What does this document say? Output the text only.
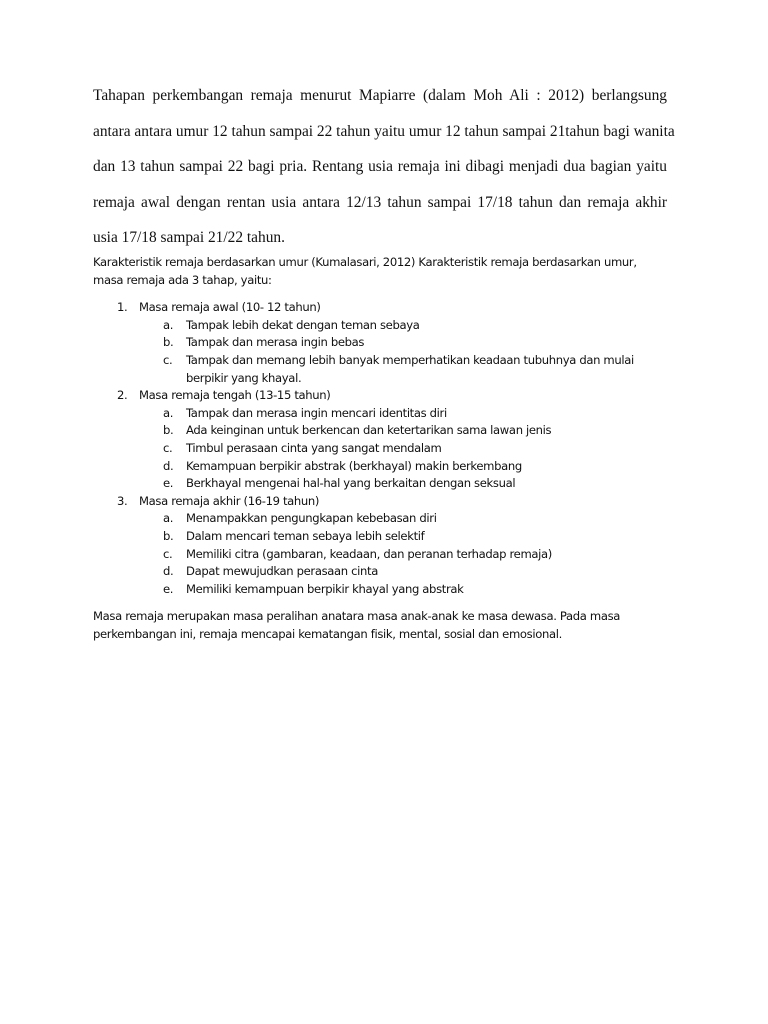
Tahapan perkembangan remaja menurut Mapiarre (dalam Moh Ali : 2012) berlangsung
antara antara umur 12 tahun sampai 22 tahun yaitu umur 12 tahun sampai 21tahun bagi wanita
dan 13 tahun sampai 22 bagi pria. Rentang usia remaja ini dibagi menjadi dua bagian yaitu
remaja awal dengan rentan usia antara 12/13 tahun sampai 17/18 tahun dan remaja akhir
usia 17/18 sampai 21/22 tahun.
Karakteristik remaja berdasarkan umur (Kumalasari, 2012) Karakteristik remaja berdasarkan umur,
masa remaja ada 3 tahap, yaitu:
1. Masa remaja awal (10- 12 tahun)
a. Tampak lebih dekat dengan teman sebaya
b. Tampak dan merasa ingin bebas
c. Tampak dan memang lebih banyak memperhatikan keadaan tubuhnya dan mulai
berpikir yang khayal.
2. Masa remaja tengah (13-15 tahun)
a. Tampak dan merasa ingin mencari identitas diri
b. Ada keinginan untuk berkencan dan ketertarikan sama lawan jenis
c. Timbul perasaan cinta yang sangat mendalam
d. Kemampuan berpikir abstrak (berkhayal) makin berkembang
e. Berkhayal mengenai hal-hal yang berkaitan dengan seksual
3. Masa remaja akhir (16-19 tahun)
a. Menampakkan pengungkapan kebebasan diri
b. Dalam mencari teman sebaya lebih selektif
c. Memiliki citra (gambaran, keadaan, dan peranan terhadap remaja)
d. Dapat mewujudkan perasaan cinta
e. Memiliki kemampuan berpikir khayal yang abstrak
Masa remaja merupakan masa peralihan anatara masa anak-anak ke masa dewasa. Pada masa
perkembangan ini, remaja mencapai kematangan fisik, mental, sosial dan emosional.
